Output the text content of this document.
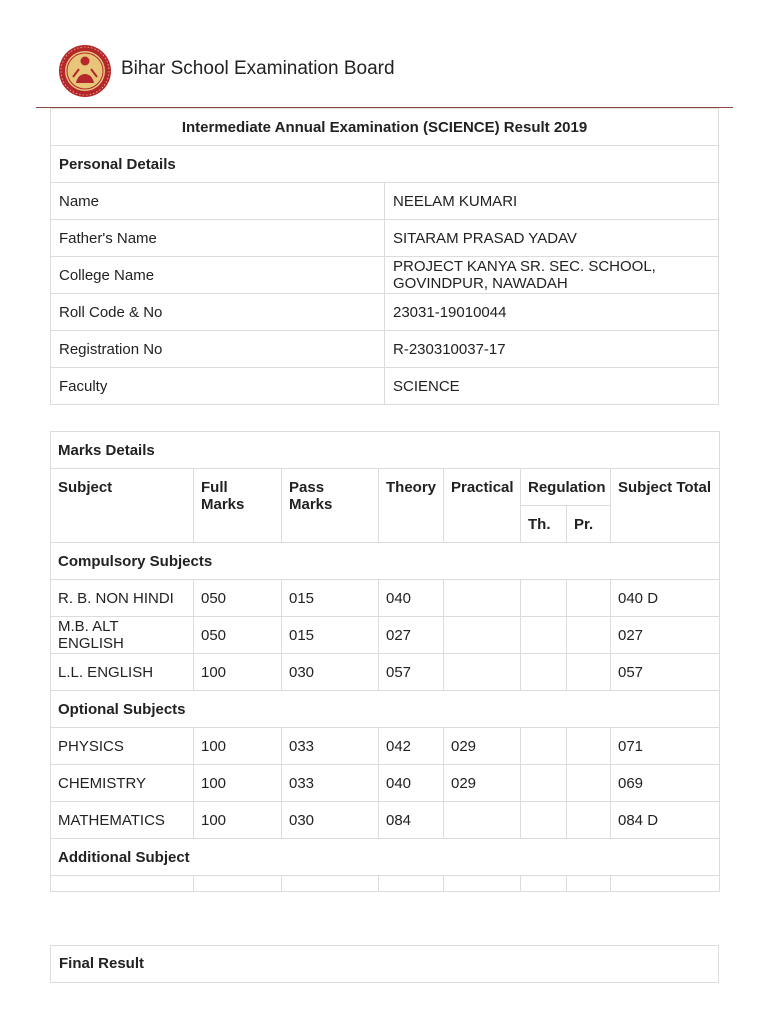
Bihar School Examination Board
Intermediate Annual Examination (SCIENCE) Result 2019	
Personal Details	
Name	NEELAM KUMARI
Father's Name	SITARAM PRASAD YADAV
College Name	PROJECT KANYA SR. SEC. SCHOOL, GOVINDPUR, NAWADAH
Roll Code & No	23031-19010044
Registration No	R-230310037-17
Faculty	SCIENCE
Marks Details							
Subject	Full Marks	Pass Marks	Theory	Practical	Regulation		Subject Total
					Th.	Pr.	
Compulsory Subjects							
R. B. NON HINDI	050	015	040				040 D
M.B. ALT ENGLISH	050	015	027				027
L.L. ENGLISH	100	030	057				057
Optional Subjects							
PHYSICS	100	033	042	029			071
CHEMISTRY	100	033	040	029			069
MATHEMATICS	100	030	084				084 D
Additional Subject							

Final Result
